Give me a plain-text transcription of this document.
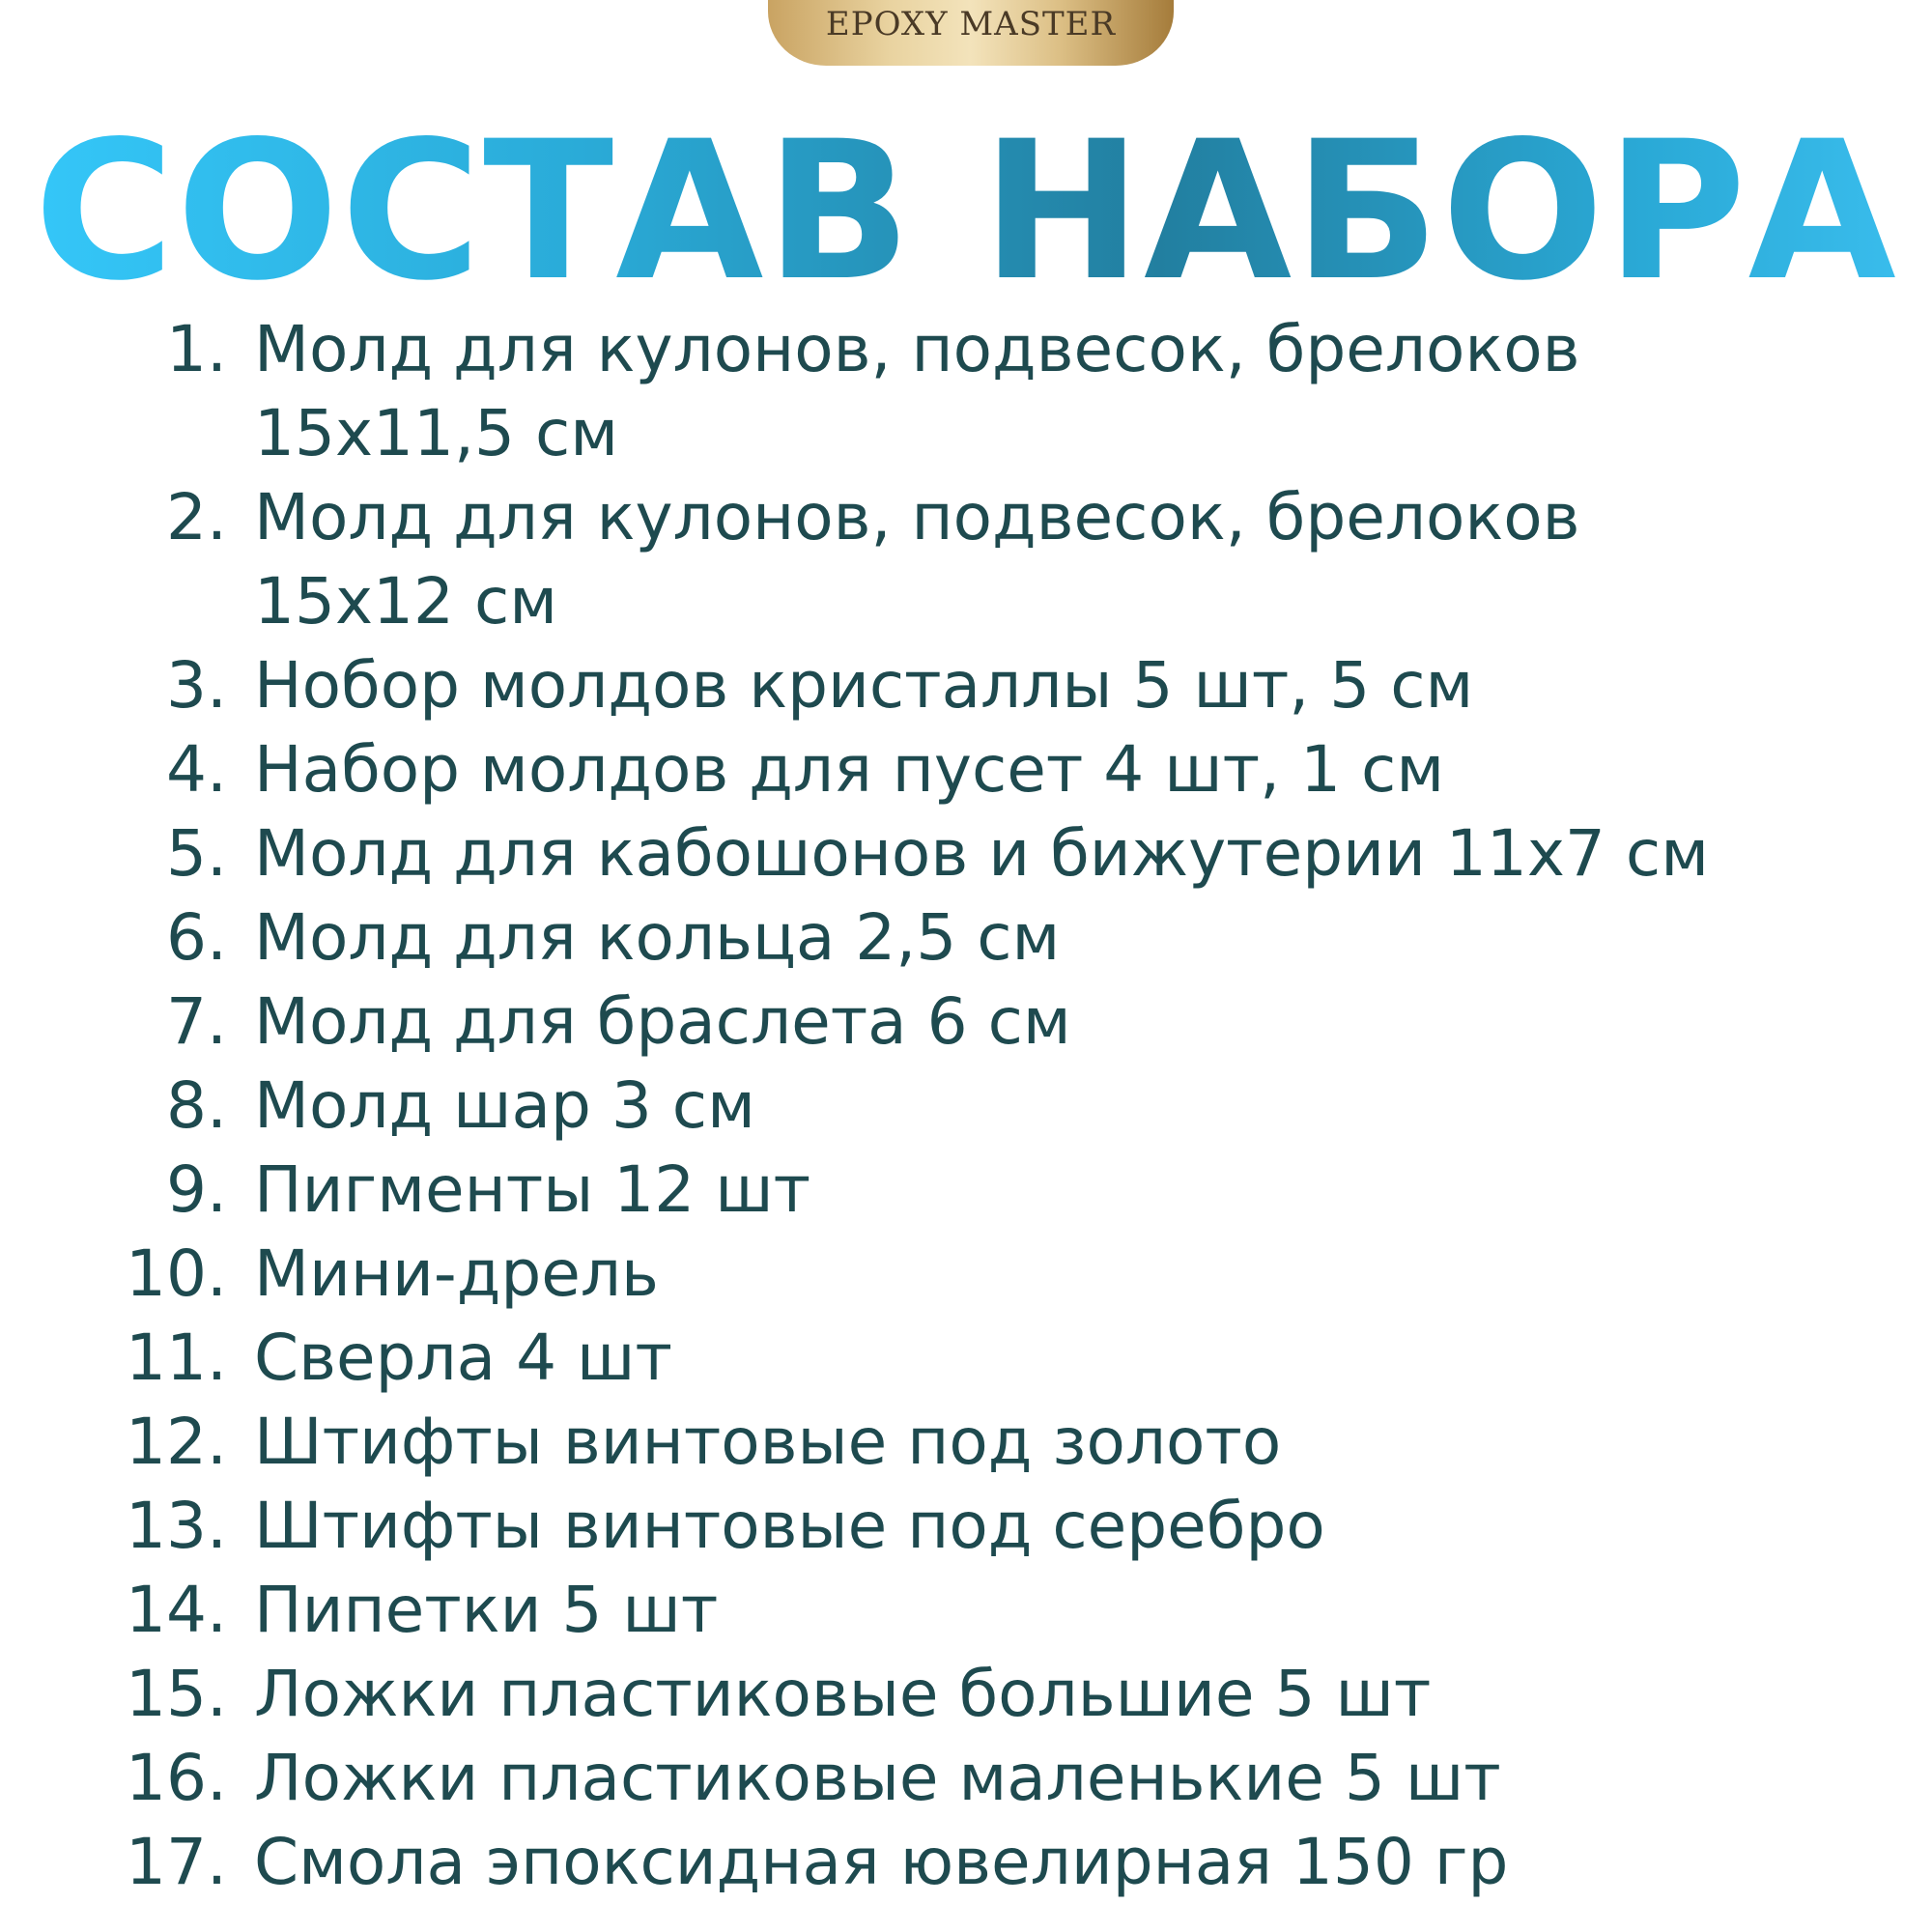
EPOXY MASTER
СОСТАВ НАБОРА
1. Молд для кулонов, подвесок, брелоков
15х11,5 см
2. Молд для кулонов, подвесок, брелоков
15х12 см
3. Нобор молдов кристаллы 5 шт, 5 см
4. Набор молдов для пусет 4 шт, 1 см
5. Молд для кабошонов и бижутерии 11х7 см
6. Молд для кольца 2,5 см
7. Молд для браслета 6 см
8. Молд шар 3 см
9. Пигменты 12 шт
10. Мини-дрель
11. Сверла 4 шт
12. Штифты винтовые под золото
13. Штифты винтовые под серебро
14. Пипетки 5 шт
15. Ложки пластиковые большие 5 шт
16. Ложки пластиковые маленькие 5 шт
17. Смола эпоксидная ювелирная 150 гр
